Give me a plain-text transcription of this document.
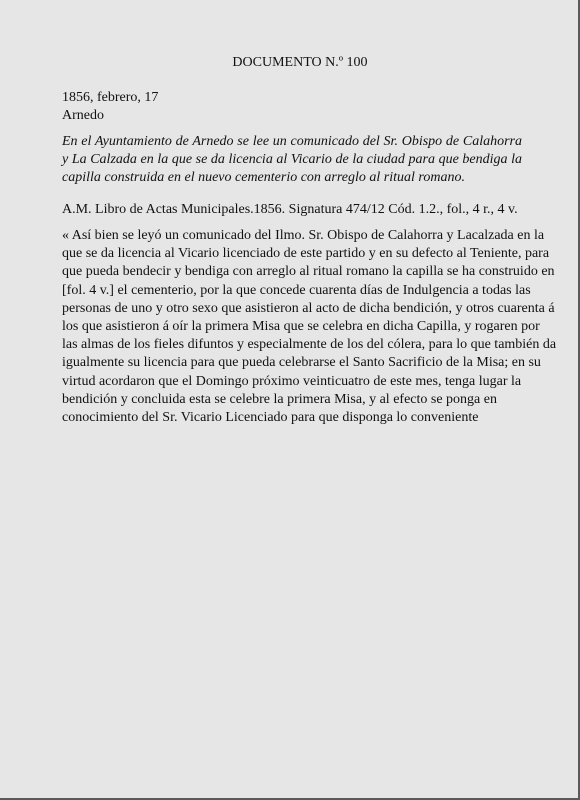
DOCUMENTO N.º 100
1856, febrero, 17
Arnedo

En el Ayuntamiento de Arnedo se lee un comunicado del Sr. Obispo de Calahorra y La Calzada en la que se da licencia al Vicario de la ciudad para que bendiga la capilla construida en el nuevo cementerio con arreglo al ritual romano.

A.M. Libro de Actas Municipales.1856. Signatura 474/12 Cód. 1.2., fol., 4 r., 4 v.

« Así bien se leyó un comunicado del Ilmo. Sr. Obispo de Calahorra y Lacalzada en la
que se da licencia al Vicario licenciado de este partido y en su defecto al Teniente, para
que pueda bendecir y bendiga con arreglo al ritual romano la capilla se ha construido en
[fol. 4 v.] el cementerio, por la que concede cuarenta días de Indulgencia a todas las
personas de uno y otro sexo que asistieron al acto de dicha bendición, y otros cuarenta á
los que asistieron á oír la primera Misa que se celebra en dicha Capilla, y rogaren por
las almas de los fieles difuntos y especialmente de los del cólera, para lo que también da
igualmente su licencia para que pueda celebrarse el Santo Sacrificio de la Misa; en su
virtud acordaron que el Domingo próximo veinticuatro de este mes, tenga lugar la
bendición y concluida esta se celebre la primera Misa, y al efecto se ponga en
conocimiento del Sr. Vicario Licenciado para que disponga lo conveniente
